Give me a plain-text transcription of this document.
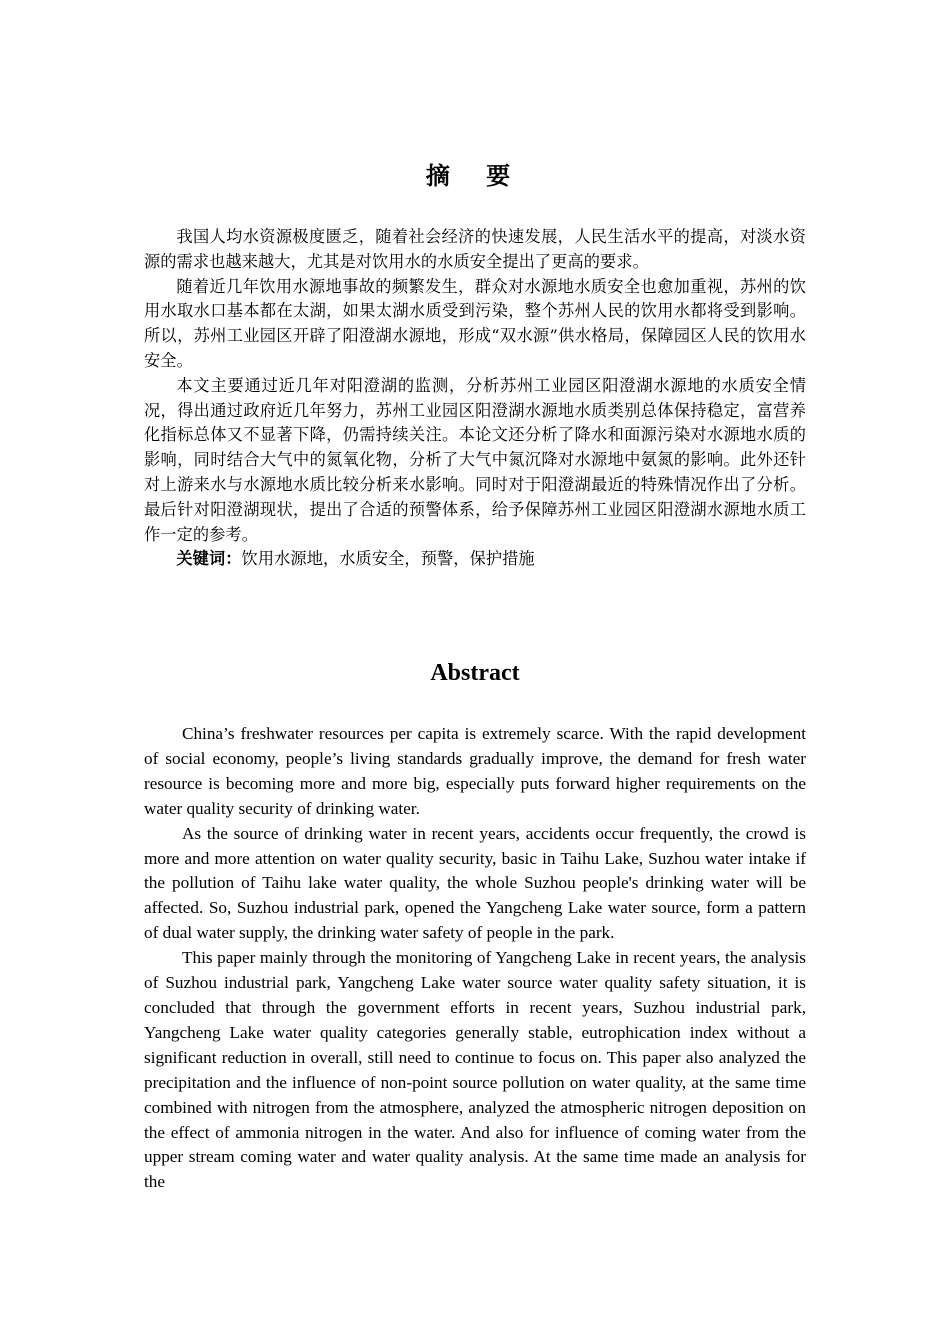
摘 要

我国人均水资源极度匮乏，随着社会经济的快速发展，人民生活水平的提高，对淡水资源的需求也越来越大，尤其是对饮用水的水质安全提出了更高的要求。

随着近几年饮用水源地事故的频繁发生，群众对水源地水质安全也愈加重视，苏州的饮用水取水口基本都在太湖，如果太湖水质受到污染，整个苏州人民的饮用水都将受到影响。所以，苏州工业园区开辟了阳澄湖水源地，形成“双水源”供水格局，保障园区人民的饮用水安全。

本文主要通过近几年对阳澄湖的监测，分析苏州工业园区阳澄湖水源地的水质安全情况，得出通过政府近几年努力，苏州工业园区阳澄湖水源地水质类别总体保持稳定，富营养化指标总体又不显著下降，仍需持续关注。本论文还分析了降水和面源污染对水源地水质的影响，同时结合大气中的氮氧化物，分析了大气中氮沉降对水源地中氨氮的影响。此外还针对上游来水与水源地水质比较分析来水影响。同时对于阳澄湖最近的特殊情况作出了分析。最后针对阳澄湖现状，提出了合适的预警体系，给予保障苏州工业园区阳澄湖水源地水质工作一定的参考。

关键词：饮用水源地，水质安全，预警，保护措施

Abstract

China’s freshwater resources per capita is extremely scarce. With the rapid development of social economy, people’s living standards gradually improve, the demand for fresh water resource is becoming more and more big, especially puts forward higher requirements on the water quality security of drinking water.

As the source of drinking water in recent years, accidents occur frequently, the crowd is more and more attention on water quality security, basic in Taihu Lake, Suzhou water intake if the pollution of Taihu lake water quality, the whole Suzhou people's drinking water will be affected. So, Suzhou industrial park, opened the Yangcheng Lake water source, form a pattern of dual water supply, the drinking water safety of people in the park.

This paper mainly through the monitoring of Yangcheng Lake in recent years, the analysis of Suzhou industrial park, Yangcheng Lake water source water quality safety situation, it is concluded that through the government efforts in recent years, Suzhou industrial park, Yangcheng Lake water quality categories generally stable, eutrophication index without a significant reduction in overall, still need to continue to focus on. This paper also analyzed the precipitation and the influence of non-point source pollution on water quality, at the same time combined with nitrogen from the atmosphere, analyzed the atmospheric nitrogen deposition on the effect of ammonia nitrogen in the water. And also for influence of coming water from the upper stream coming water and water quality analysis. At the same time made an analysis for the
